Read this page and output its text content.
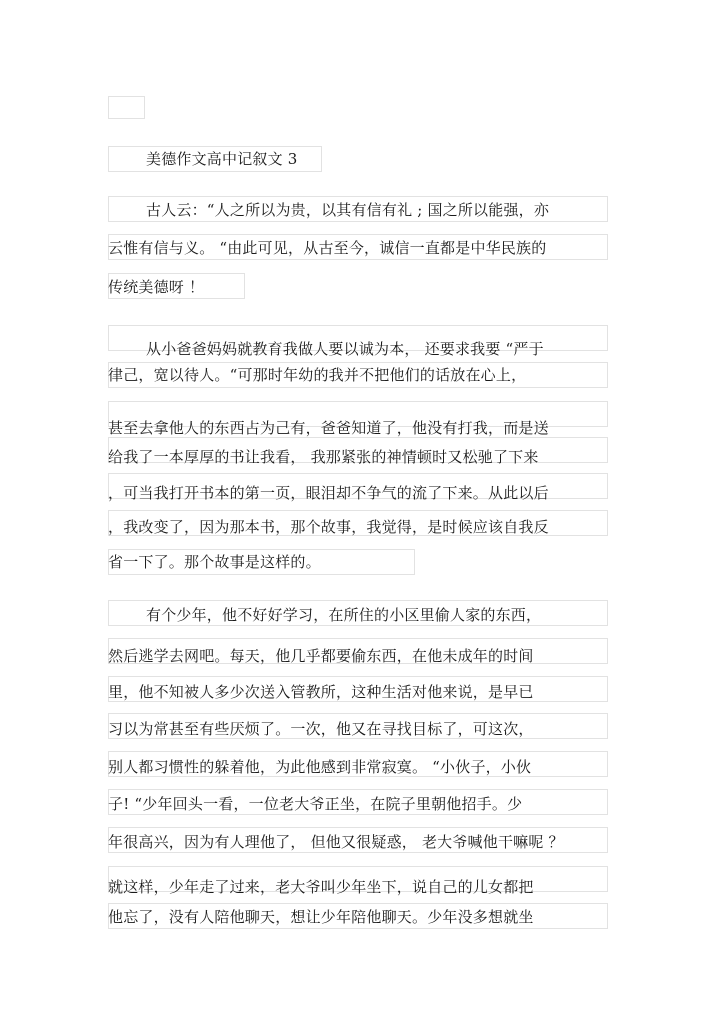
美德作文高中记叙文 3
古人云：“人之所以为贵，以其有信有礼 ; 国之所以能强，亦
云惟有信与义。 “由此可见，从古至今，诚信一直都是中华民族的
传统美德呀 ！
从小爸爸妈妈就教育我做人要以诚为本， 还要求我要 “严于
律己，宽以待人。“可那时年幼的我并不把他们的话放在心上，
甚至去拿他人的东西占为己有，爸爸知道了，他没有打我，而是送
给我了一本厚厚的书让我看， 我那紧张的神情顿时又松驰了下来
，可当我打开书本的第一页，眼泪却不争气的流了下来。从此以后
，我改变了，因为那本书，那个故事，我觉得，是时候应该自我反
省一下了。那个故事是这样的。
有个少年，他不好好学习，在所住的小区里偷人家的东西，
然后逃学去网吧。每天，他几乎都要偷东西，在他未成年的时间
里，他不知被人多少次送入管教所，这种生活对他来说，是早已
习以为常甚至有些厌烦了。一次，他又在寻找目标了，可这次，
别人都习惯性的躲着他，为此他感到非常寂寞。 “小伙子，小伙
子! “少年回头一看，一位老大爷正坐，在院子里朝他招手。少
年很高兴，因为有人理他了， 但他又很疑惑， 老大爷喊他干嘛呢 ？
就这样，少年走了过来，老大爷叫少年坐下，说自己的儿女都把
他忘了，没有人陪他聊天，想让少年陪他聊天。少年没多想就坐
